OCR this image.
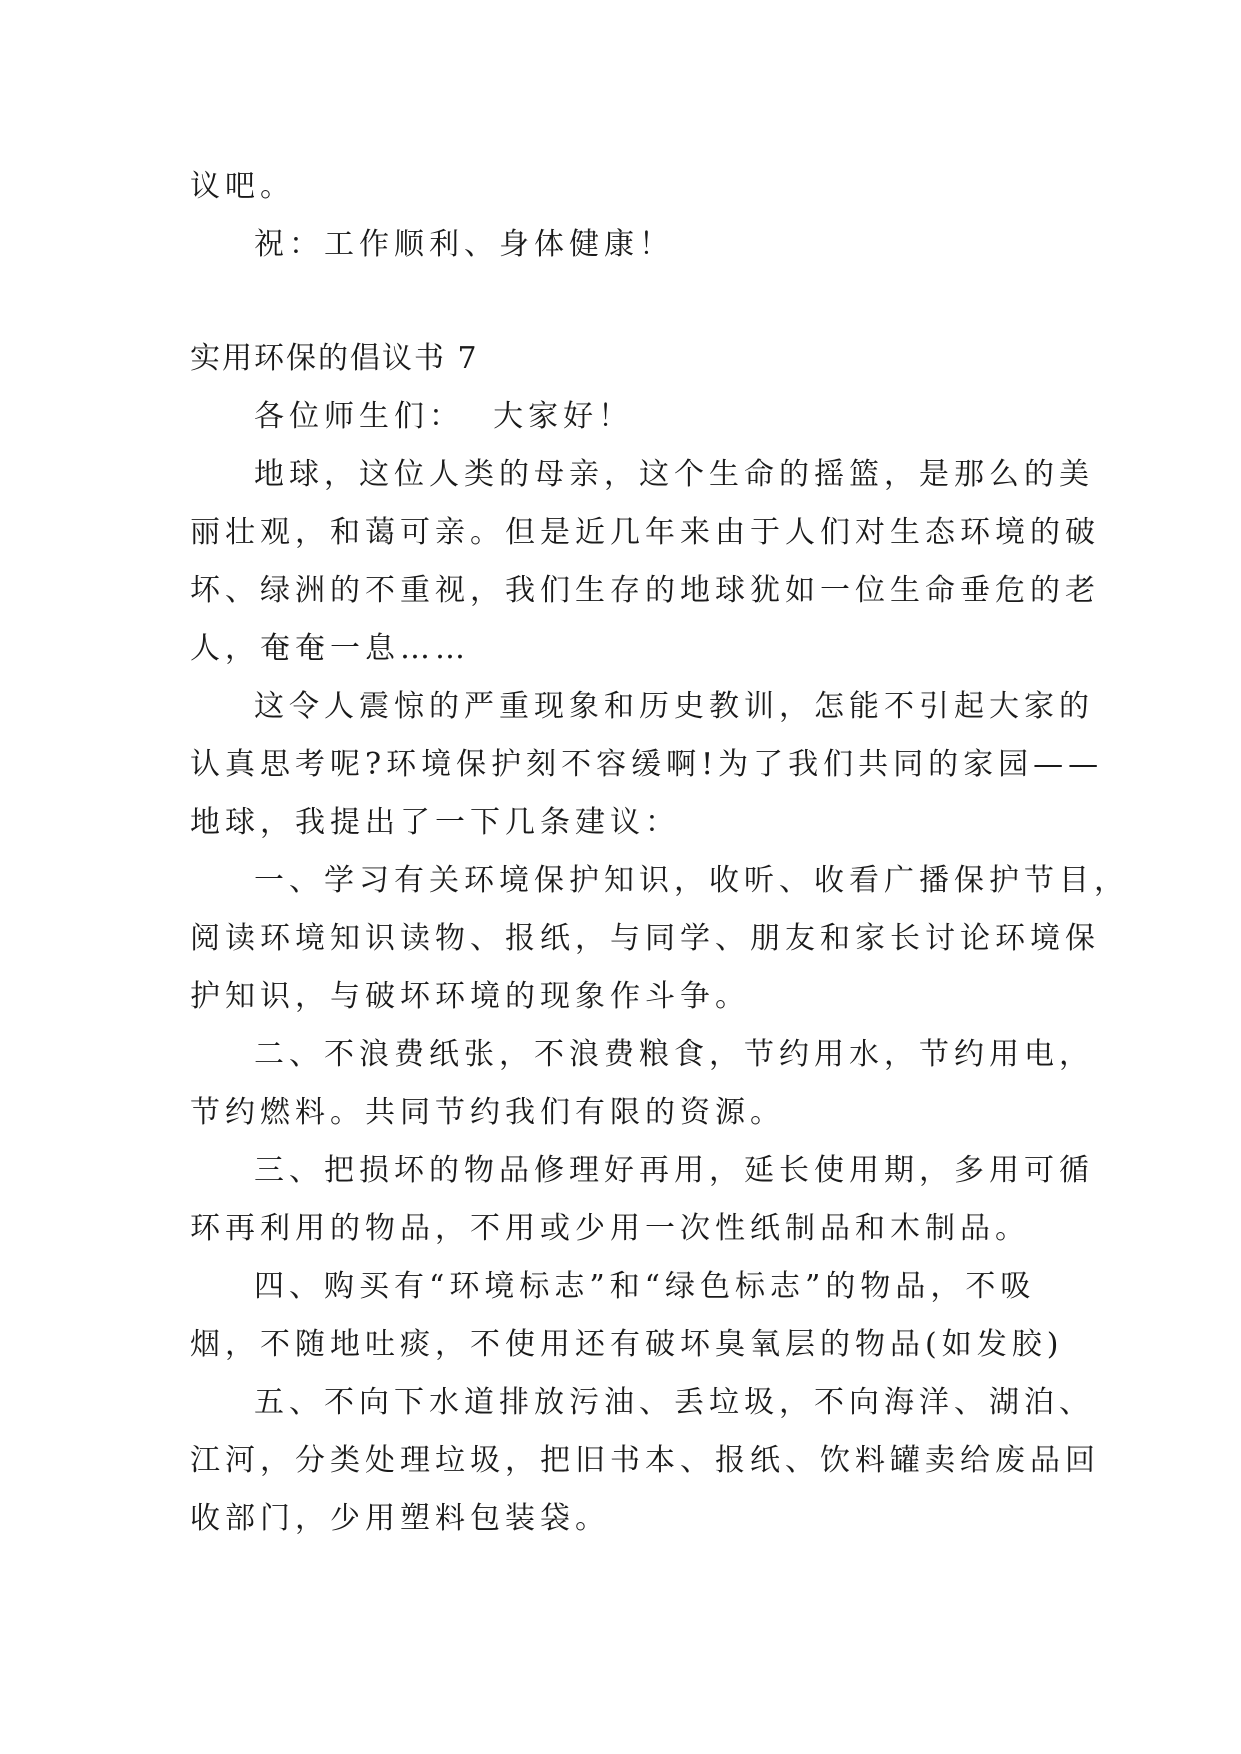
议吧。
祝：工作顺利、身体健康！
实用环保的倡议书 7
各位师生们：  大家好！
地球，这位人类的母亲，这个生命的摇篮，是那么的美
丽壮观，和蔼可亲。但是近几年来由于人们对生态环境的破
坏、绿洲的不重视，我们生存的地球犹如一位生命垂危的老
人，奄奄一息……
这令人震惊的严重现象和历史教训，怎能不引起大家的
认真思考呢?环境保护刻不容缓啊!为了我们共同的家园——
地球，我提出了一下几条建议：
一、学习有关环境保护知识，收听、收看广播保护节目，
阅读环境知识读物、报纸，与同学、朋友和家长讨论环境保
护知识，与破坏环境的现象作斗争。
二、不浪费纸张，不浪费粮食，节约用水，节约用电，
节约燃料。共同节约我们有限的资源。
三、把损坏的物品修理好再用，延长使用期，多用可循
环再利用的物品，不用或少用一次性纸制品和木制品。
四、购买有“环境标志”和“绿色标志”的物品，不吸
烟，不随地吐痰，不使用还有破坏臭氧层的物品(如发胶)
五、不向下水道排放污油、丢垃圾，不向海洋、湖泊、
江河，分类处理垃圾，把旧书本、报纸、饮料罐卖给废品回
收部门，少用塑料包装袋。
